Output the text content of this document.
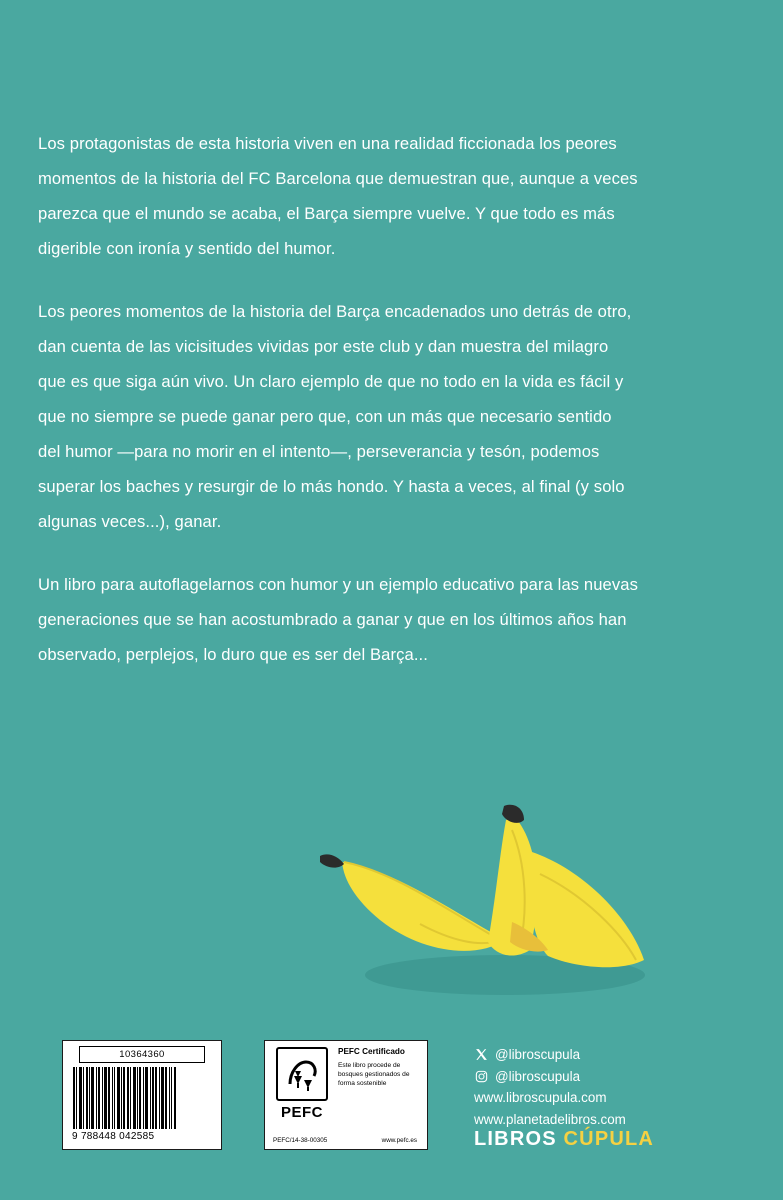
Los protagonistas de esta historia viven en una realidad ficcionada los peores momentos de la historia del FC Barcelona que demuestran que, aunque a veces parezca que el mundo se acaba, el Barça siempre vuelve. Y que todo es más digerible con ironía y sentido del humor.

Los peores momentos de la historia del Barça encadenados uno detrás de otro, dan cuenta de las vicisitudes vividas por este club y dan muestra del milagro que es que siga aún vivo. Un claro ejemplo de que no todo en la vida es fácil y que no siempre se puede ganar pero que, con un más que necesario sentido del humor —para no morir en el intento—, perseverancia y tesón, podemos superar los baches y resurgir de lo más hondo. Y hasta a veces, al final (y solo algunas veces...), ganar.

Un libro para autoflagelarnos con humor y un ejemplo educativo para las nuevas generaciones que se han acostumbrado a ganar y que en los últimos años han observado, perplejos, lo duro que es ser del Barça...

10364360
9 788448 042585
PEFC
PEFC Certificado
Este libro procede de bosques gestionados de forma sostenible
PEFC/14-38-00305	www.pefc.es
@libroscupula
@libroscupula
www.libroscupula.com
www.planetadelibros.com
LIBROS CÚPULA
